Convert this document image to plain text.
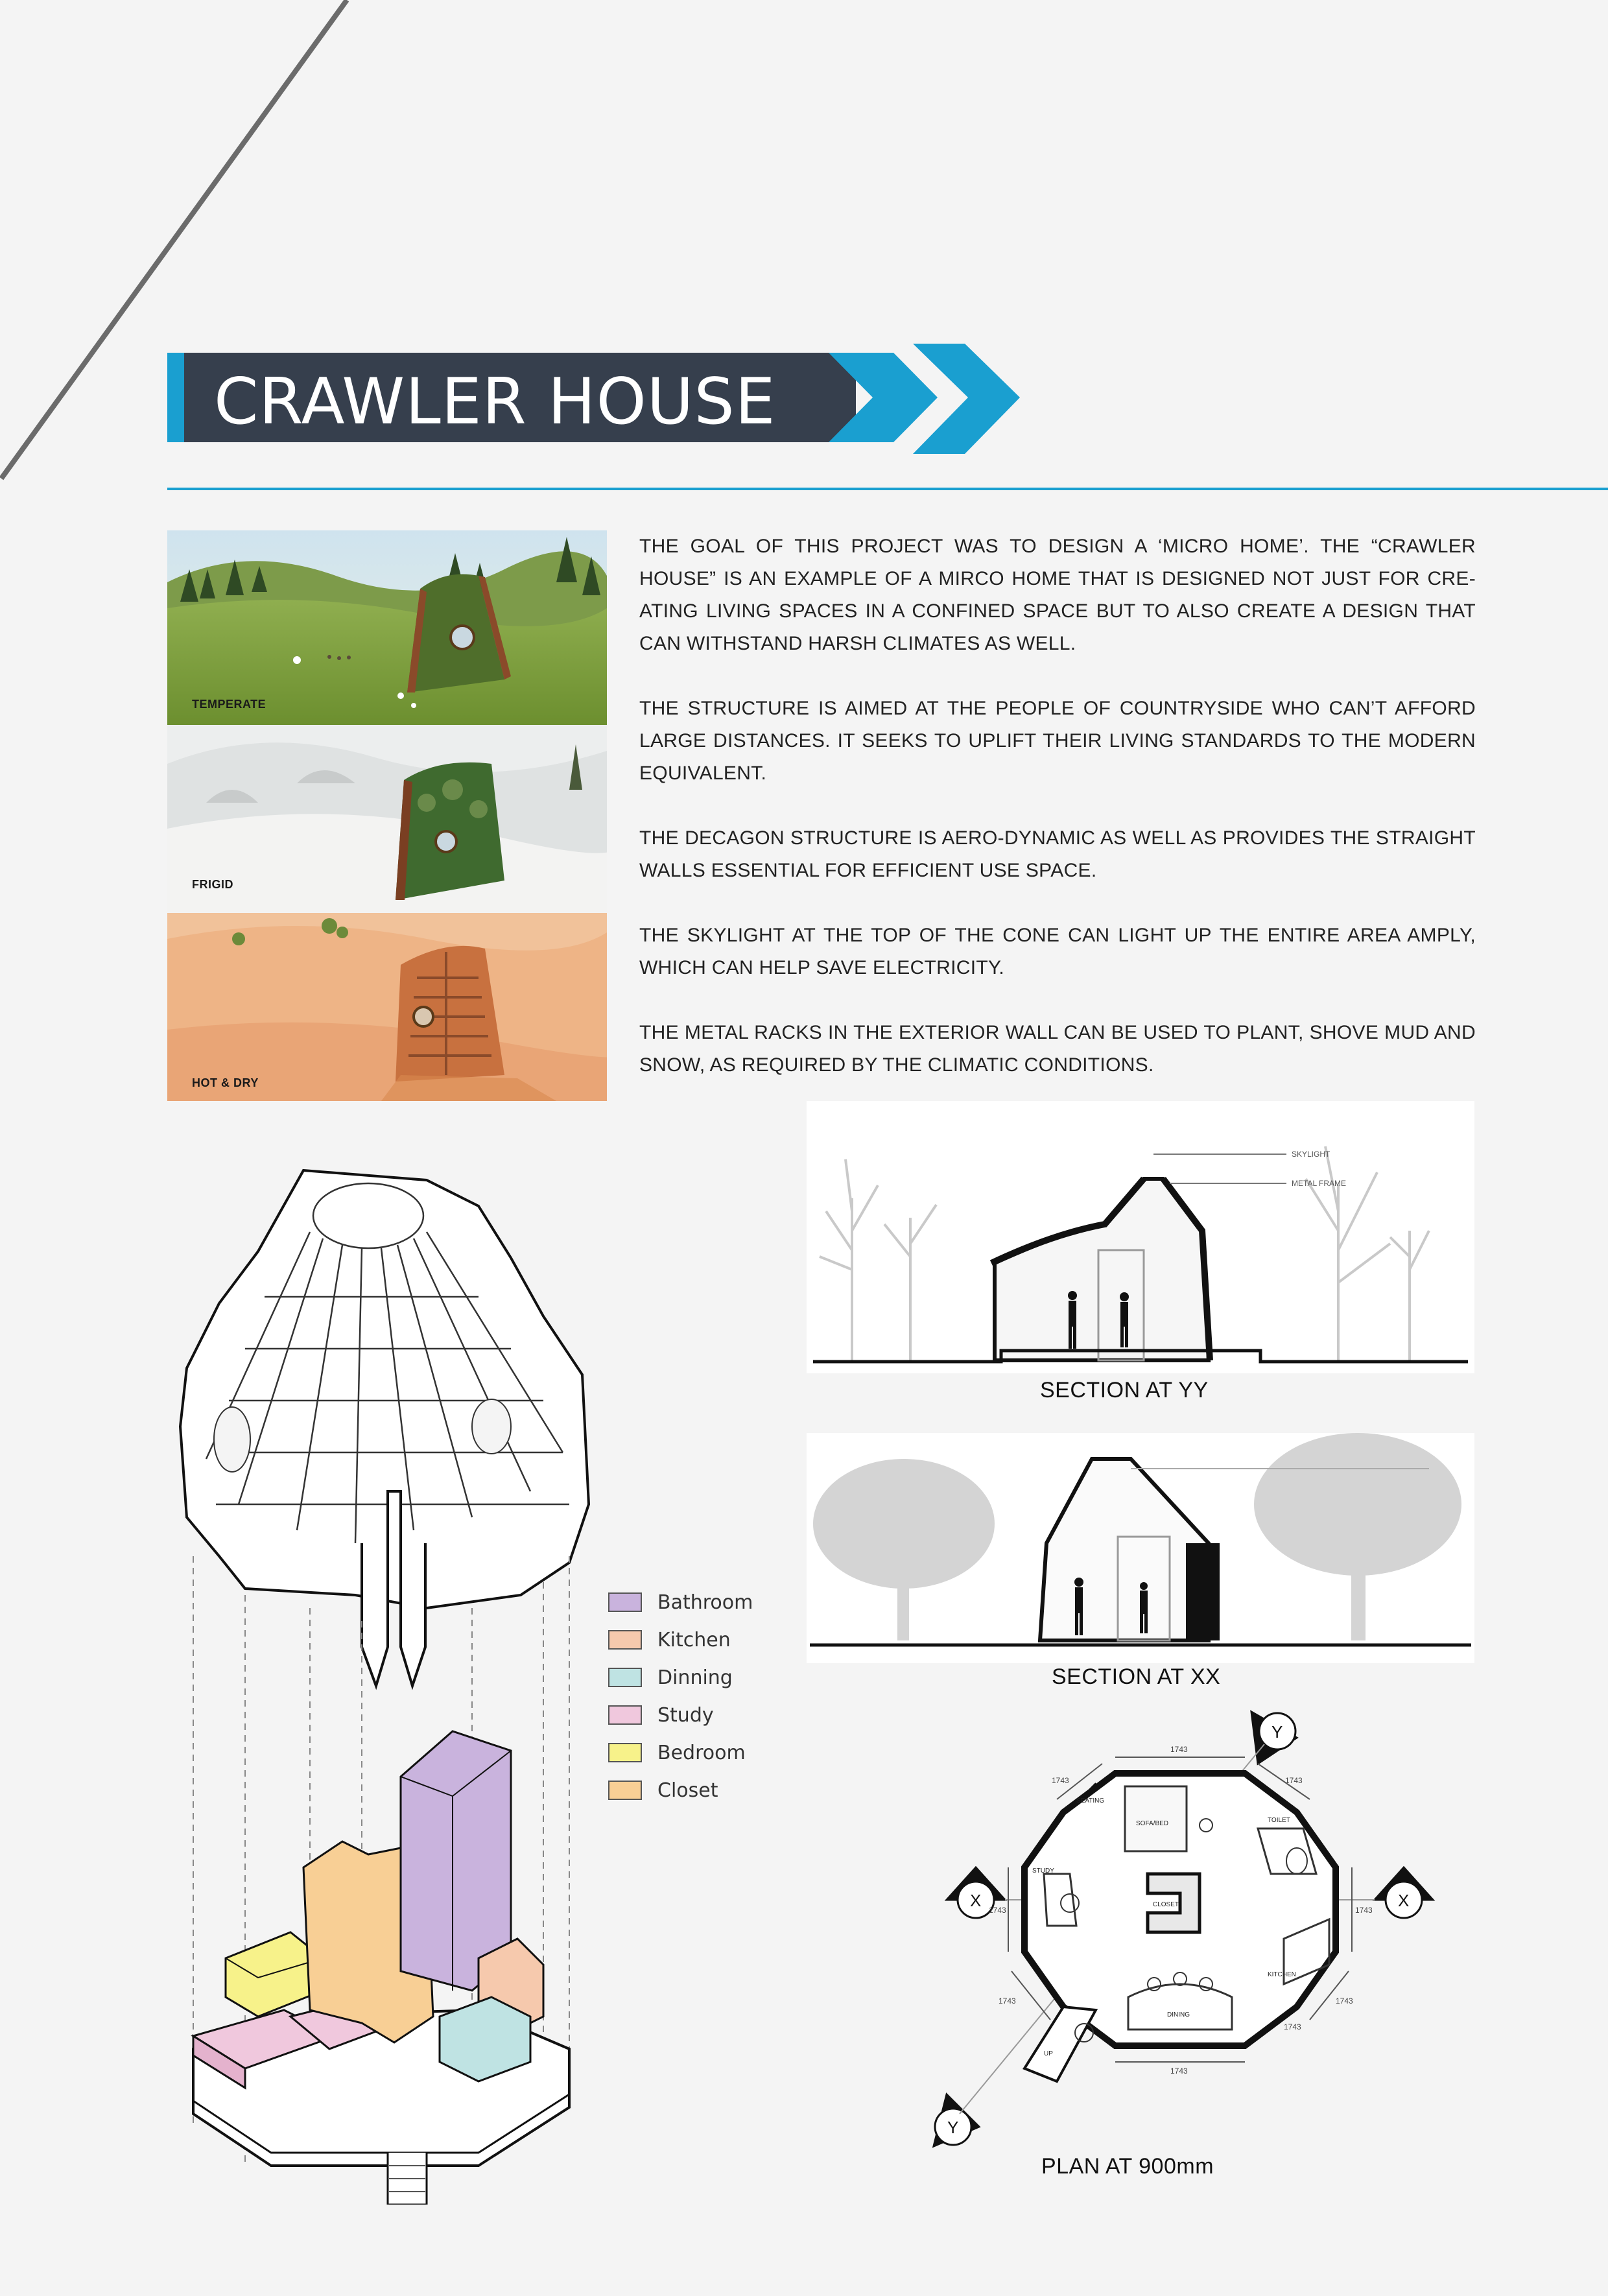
CRAWLER HOUSE
TEMPERATE
FRIGID
HOT & DRY

THE GOAL OF THIS PROJECT WAS TO DESIGN A ‘MICRO HOME’. THE “CRAWLER HOUSE” IS AN EXAMPLE OF A MIRCO HOME THAT IS DESIGNED NOT JUST FOR CRE-ATING LIVING SPACES IN A CONFINED SPACE BUT TO ALSO CREATE A DESIGN THAT CAN WITHSTAND HARSH CLIMATES AS WELL.

THE STRUCTURE IS AIMED AT THE PEOPLE OF COUNTRYSIDE WHO CAN’T AFFORD LARGE DISTANCES. IT SEEKS TO UPLIFT THEIR LIVING STANDARDS TO THE MODERN EQUIVALENT.

THE DECAGON STRUCTURE IS AERO-DYNAMIC AS WELL AS PROVIDES THE STRAIGHT WALLS ESSENTIAL FOR EFFICIENT USE SPACE.

THE SKYLIGHT AT THE TOP OF THE CONE CAN LIGHT UP THE ENTIRE AREA AMPLY, WHICH CAN HELP SAVE ELECTRICITY.

THE METAL RACKS IN THE EXTERIOR WALL CAN BE USED TO PLANT, SHOVE MUD AND SNOW, AS REQUIRED BY THE CLIMATIC CONDITIONS.

SKYLIGHT
METAL FRAME
SECTION AT YY
SECTION AT XX
Bathroom
Kitchen
Dinning
Study
Bedroom
Closet
X	X
Y
Y
SEATING
SOFA/BED	TOILET
STUDY
CLOSET
KITCHEN
DINING
UP
1743
1743	1743
1743	1743
1743	1743
1743
1743
PLAN AT 900mm
